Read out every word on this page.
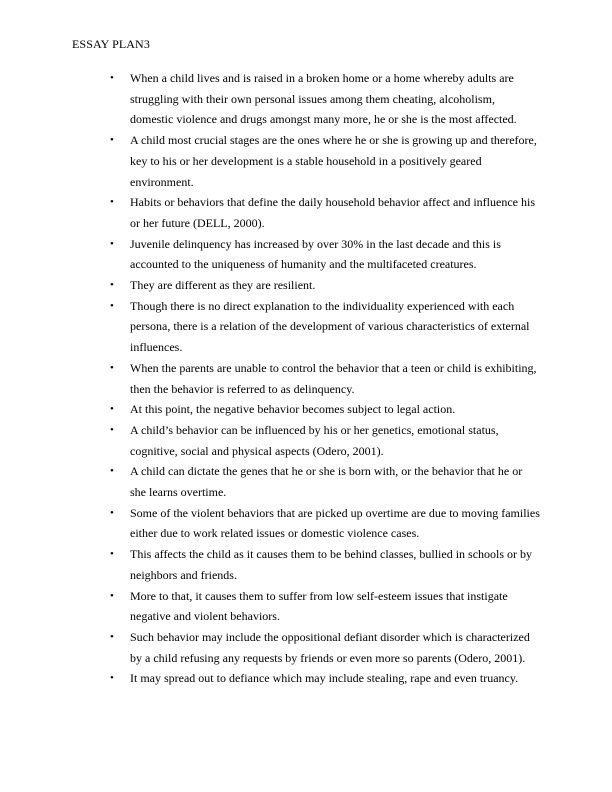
ESSAY PLAN3
• When a child lives and is raised in a broken home or a home whereby adults are struggling with their own personal issues among them cheating, alcoholism, domestic violence and drugs amongst many more, he or she is the most affected.
• A child most crucial stages are the ones where he or she is growing up and therefore, key to his or her development is a stable household in a positively geared environment.
• Habits or behaviors that define the daily household behavior affect and influence his or her future (DELL, 2000).
• Juvenile delinquency has increased by over 30% in the last decade and this is accounted to the uniqueness of humanity and the multifaceted creatures.
• They are different as they are resilient.
• Though there is no direct explanation to the individuality experienced with each persona, there is a relation of the development of various characteristics of external influences.
• When the parents are unable to control the behavior that a teen or child is exhibiting, then the behavior is referred to as delinquency.
• At this point, the negative behavior becomes subject to legal action.
• A child’s behavior can be influenced by his or her genetics, emotional status, cognitive, social and physical aspects (Odero, 2001).
• A child can dictate the genes that he or she is born with, or the behavior that he or she learns overtime.
• Some of the violent behaviors that are picked up overtime are due to moving families either due to work related issues or domestic violence cases.
• This affects the child as it causes them to be behind classes, bullied in schools or by neighbors and friends.
• More to that, it causes them to suffer from low self-esteem issues that instigate negative and violent behaviors.
• Such behavior may include the oppositional defiant disorder which is characterized by a child refusing any requests by friends or even more so parents (Odero, 2001).
• It may spread out to defiance which may include stealing, rape and even truancy.
